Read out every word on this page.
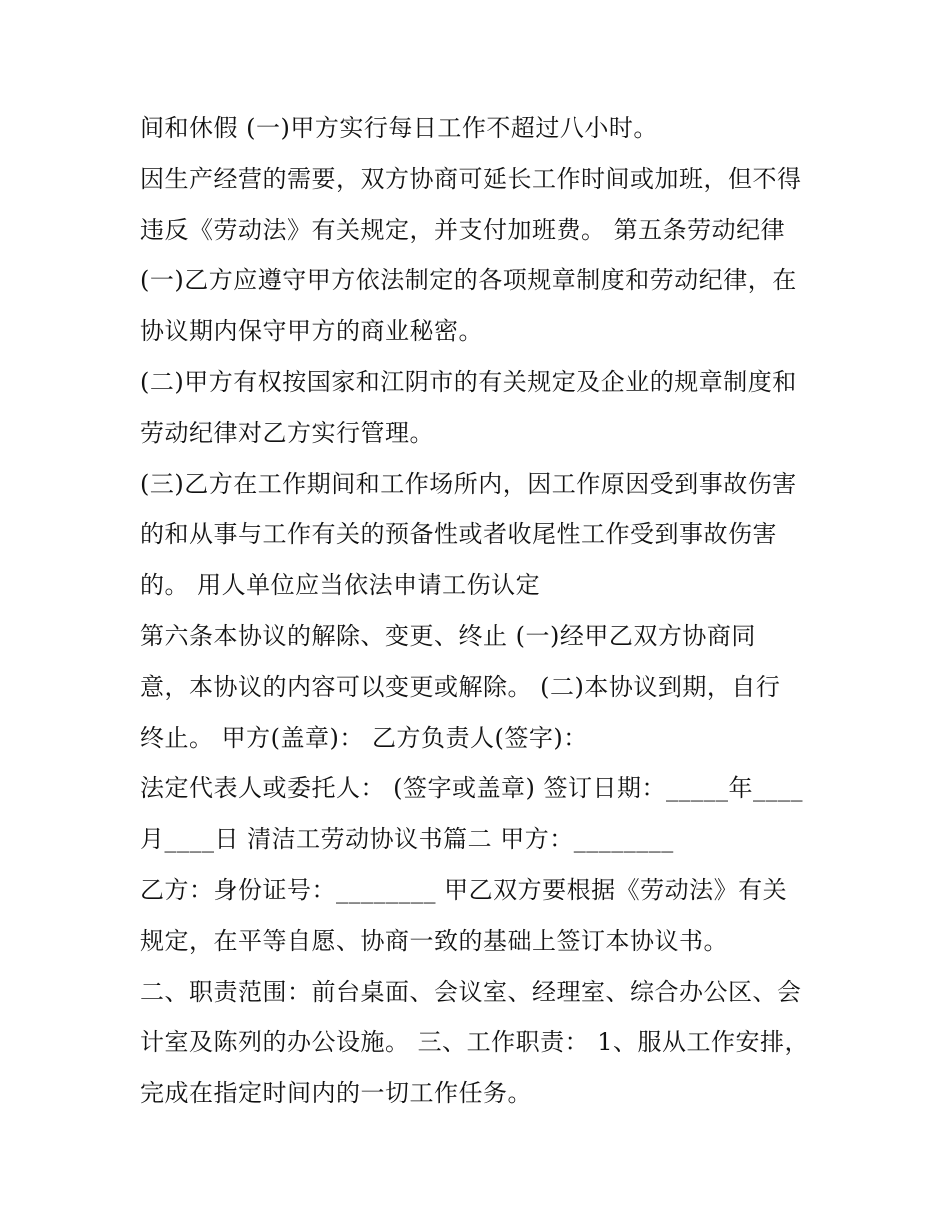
间和休假 (一)甲方实行每日工作不超过八小时。
因生产经营的需要，双方协商可延长工作时间或加班，但不得
违反《劳动法》有关规定，并支付加班费。 第五条劳动纪律
(一)乙方应遵守甲方依法制定的各项规章制度和劳动纪律，在
协议期内保守甲方的商业秘密。
(二)甲方有权按国家和江阴市的有关规定及企业的规章制度和
劳动纪律对乙方实行管理。
(三)乙方在工作期间和工作场所内，因工作原因受到事故伤害
的和从事与工作有关的预备性或者收尾性工作受到事故伤害
的。 用人单位应当依法申请工伤认定
第六条本协议的解除、变更、终止 (一)经甲乙双方协商同
意，本协议的内容可以变更或解除。 (二)本协议到期，自行
终止。 甲方(盖章)： 乙方负责人(签字)：
法定代表人或委托人： (签字或盖章) 签订日期：_____年____
月____日 清洁工劳动协议书篇二 甲方：________
乙方：身份证号：________ 甲乙双方要根据《劳动法》有关
规定，在平等自愿、协商一致的基础上签订本协议书。
二、职责范围：前台桌面、会议室、经理室、综合办公区、会
计室及陈列的办公设施。 三、工作职责： 1、服从工作安排，
完成在指定时间内的一切工作任务。
